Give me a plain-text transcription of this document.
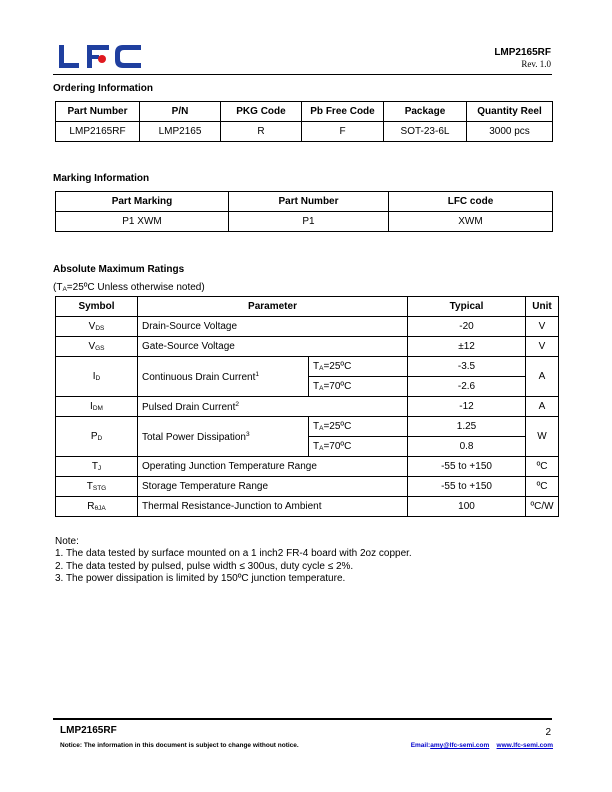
LMP2165RF
Rev. 1.0
Ordering Information
Part Number	P/N	PKG Code	Pb Free Code	Package	Quantity Reel
LMP2165RF	LMP2165	R	F	SOT-23-6L	3000 pcs
Marking Information
Part Marking	Part Number	LFC code
P1 XWM	P1	XWM
Absolute Maximum Ratings
($T_A=25ºC$ Unless otherwise noted)
Symbol	Parameter		Typical	Unit
$V_{DS}$	Drain-Source Voltage		-20	V
$V_{GS}$	Gate-Source Voltage		±12	V
$I_D$	Continuous Drain Current$^1$	$T_A=25ºC$	-3.5	A
		$T_A=70ºC$	-2.6	
$I_{DM}$	Pulsed Drain Current$^2$		-12	A
$P_D$	Total Power Dissipation$^3$	$T_A=25ºC$	1.25	W
		$T_A=70ºC$	0.8	
$T_J$	Operating Junction Temperature Range		-55 to +150	ºC
$T_{STG}$	Storage Temperature Range		-55 to +150	ºC
$R_{\theta JA}$	Thermal Resistance-Junction to Ambient		100	ºC/W
Note:
1. The data tested by surface mounted on a 1 inch2 FR-4 board with 2oz copper.
2. The data tested by pulsed, pulse width ≤ 300us, duty cycle ≤ 2%.
3. The power dissipation is limited by 150ºC junction temperature.
LMP2165RF	2
Notice: The information in this document is subject to change without notice.	Email:amy@lfc-semi.com www.lfc-semi.com
